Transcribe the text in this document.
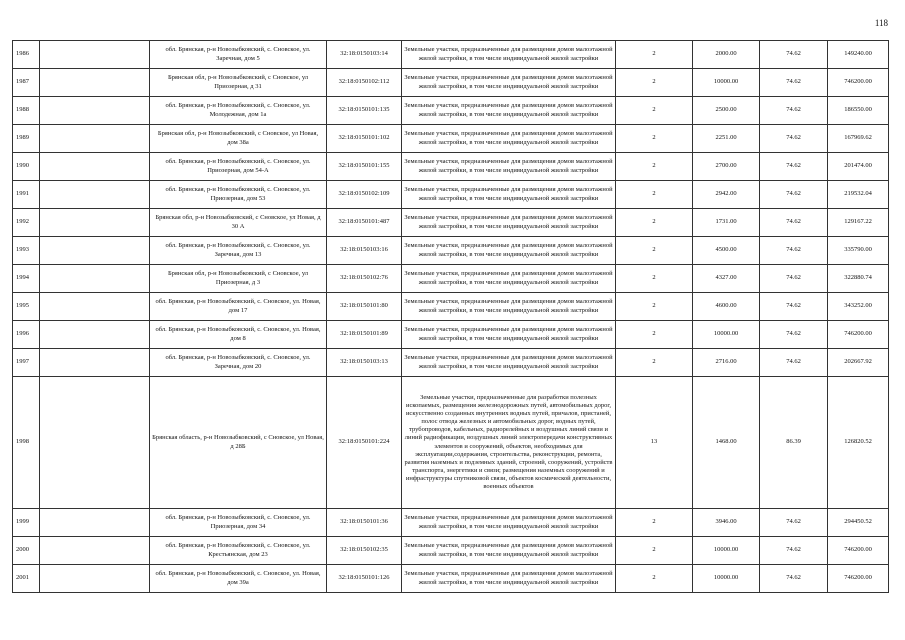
118
1986		обл. Брянская, р-н Новозыбковский, с. Сновское, ул. Заречная, дом 5	32:18:0150103:14	Земельные участки, предназначенные для размещения домов малоэтажной жилой застройки, в том числе индивидуальной жилой застройки	2	2000.00	74.62	149240.00
1987		Брянская обл, р-н Новозыбковский, с Сновское, ул Приозерная, д 31	32:18:0150102:112	Земельные участки, предназначенные для размещения домов малоэтажной жилой застройки, в том числе индивидуальной жилой застройки	2	10000.00	74.62	746200.00
1988		обл. Брянская, р-н Новозыбковский, с. Сновское, ул. Молодежная, дом 1а	32:18:0150101:135	Земельные участки, предназначенные для размещения домов малоэтажной жилой застройки, в том числе индивидуальной жилой застройки	2	2500.00	74.62	186550.00
1989		Брянская обл, р-н Новозыбковский, с Сновское, ул Новая, дом 38а	32:18:0150101:102	Земельные участки, предназначенные для размещения домов малоэтажной жилой застройки, в том числе индивидуальной жилой застройки	2	2251.00	74.62	167969.62
1990		обл. Брянская, р-н Новозыбковский, с. Сновское, ул. Приозерная, дом 54-А	32:18:0150101:155	Земельные участки, предназначенные для размещения домов малоэтажной жилой застройки, в том числе индивидуальной жилой застройки	2	2700.00	74.62	201474.00
1991		обл. Брянская, р-н Новозыбковский, с. Сновское, ул. Приозерная, дом 53	32:18:0150102:109	Земельные участки, предназначенные для размещения домов малоэтажной жилой застройки, в том числе индивидуальной жилой застройки	2	2942.00	74.62	219532.04
1992		Брянская обл, р-н Новозыбковский, с Сновское, ул Новая, д 30 А	32:18:0150101:487	Земельные участки, предназначенные для размещения домов малоэтажной жилой застройки, в том числе индивидуальной жилой застройки	2	1731.00	74.62	129167.22
1993		обл. Брянская, р-н Новозыбковский, с. Сновское, ул. Заречная, дом 13	32:18:0150103:16	Земельные участки, предназначенные для размещения домов малоэтажной жилой застройки, в том числе индивидуальной жилой застройки	2	4500.00	74.62	335790.00
1994		Брянская обл, р-н Новозыбковский, с Сновское, ул Приозерная, д 3	32:18:0150102:76	Земельные участки, предназначенные для размещения домов малоэтажной жилой застройки, в том числе индивидуальной жилой застройки	2	4327.00	74.62	322880.74
1995		обл. Брянская, р-н Новозыбковский, с. Сновское, ул. Новая, дом 17	32:18:0150101:80	Земельные участки, предназначенные для размещения домов малоэтажной жилой застройки, в том числе индивидуальной жилой застройки	2	4600.00	74.62	343252.00
1996		обл. Брянская, р-н Новозыбковский, с. Сновское, ул. Новая, дом 8	32:18:0150101:89	Земельные участки, предназначенные для размещения домов малоэтажной жилой застройки, в том числе индивидуальной жилой застройки	2	10000.00	74.62	746200.00
1997		обл. Брянская, р-н Новозыбковский, с. Сновское, ул. Заречная, дом 20	32:18:0150103:13	Земельные участки, предназначенные для размещения домов малоэтажной жилой застройки, в том числе индивидуальной жилой застройки	2	2716.00	74.62	202667.92
1998		Брянская область, р-н Новозыбковский, с Сновское, ул Новая, д 28Б	32:18:0150101:224	Земельные участки, предназначенные для разработки полезных ископаемых, размещения железнодорожных путей, автомобильных дорог, искусственно созданных внутренних водных путей, причалов, пристаней, полос отвода железных и автомобильных дорог, водных путей, трубопроводов, кабельных, радиорелейных и воздушных линий связи и линий радиофикации, воздушных линий электропередачи конструктивных элементов и сооружений, объектов, необходимых для эксплуатации,содержания, строительства, реконструкции, ремонта, развития наземных и подземных зданий, строений, сооружений, устройств транспорта, энергетики и связи; размещения наземных сооружений и инфраструктуры спутниковой связи, объектов космической деятельности, военных объектов	13	1468.00	86.39	126820.52
1999		обл. Брянская, р-н Новозыбковский, с. Сновское, ул. Приозерная, дом 34	32:18:0150101:36	Земельные участки, предназначенные для размещения домов малоэтажной жилой застройки, в том числе индивидуальной жилой застройки	2	3946.00	74.62	294450.52
2000		обл. Брянская, р-н Новозыбковский, с. Сновское, ул. Крестьянская, дом 23	32:18:0150102:35	Земельные участки, предназначенные для размещения домов малоэтажной жилой застройки, в том числе индивидуальной жилой застройки	2	10000.00	74.62	746200.00
2001		обл. Брянская, р-н Новозыбковский, с. Сновское, ул. Новая, дом 39а	32:18:0150101:126	Земельные участки, предназначенные для размещения домов малоэтажной жилой застройки, в том числе индивидуальной жилой застройки	2	10000.00	74.62	746200.00
